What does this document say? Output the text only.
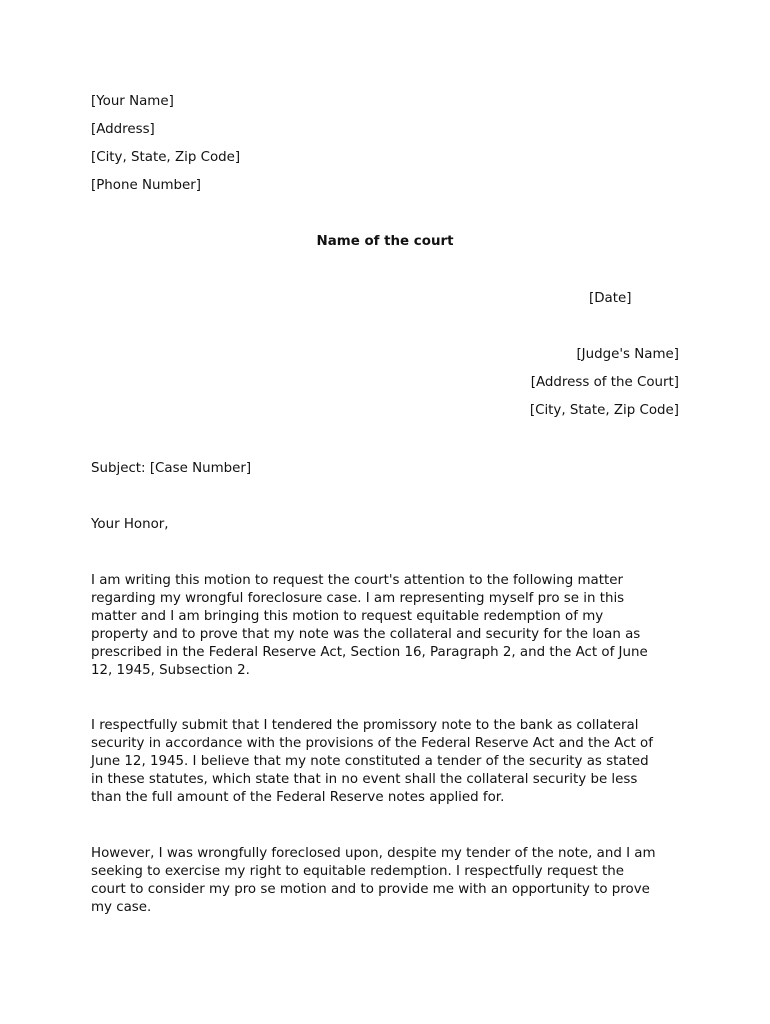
[Your Name]
[Address]
[City, State, Zip Code]
[Phone Number]
Name of the court
[Date]
[Judge's Name]
[Address of the Court]
[City, State, Zip Code]
Subject: [Case Number]
Your Honor,
I am writing this motion to request the court's attention to the following matter
regarding my wrongful foreclosure case. I am representing myself pro se in this
matter and I am bringing this motion to request equitable redemption of my
property and to prove that my note was the collateral and security for the loan as
prescribed in the Federal Reserve Act, Section 16, Paragraph 2, and the Act of June
12, 1945, Subsection 2.
I respectfully submit that I tendered the promissory note to the bank as collateral
security in accordance with the provisions of the Federal Reserve Act and the Act of
June 12, 1945. I believe that my note constituted a tender of the security as stated
in these statutes, which state that in no event shall the collateral security be less
than the full amount of the Federal Reserve notes applied for.
However, I was wrongfully foreclosed upon, despite my tender of the note, and I am
seeking to exercise my right to equitable redemption. I respectfully request the
court to consider my pro se motion and to provide me with an opportunity to prove
my case.
